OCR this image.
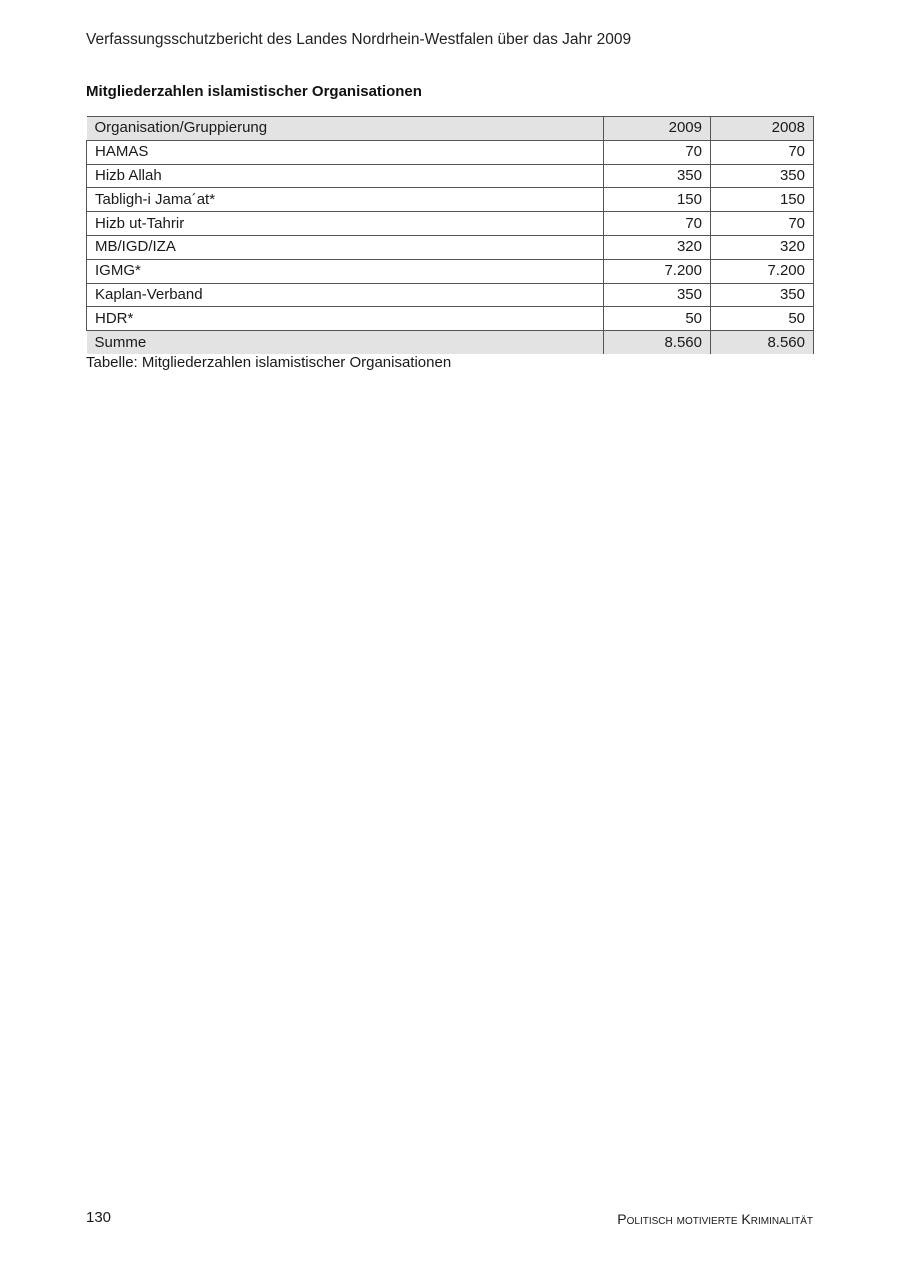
Verfassungsschutzbericht des Landes Nordrhein-Westfalen über das Jahr 2009
Mitgliederzahlen islamistischer Organisationen
Organisation/Gruppierung	2009	2008
HAMAS	70	70
Hizb Allah	350	350
Tabligh-i Jama´at*	150	150
Hizb ut-Tahrir	70	70
MB/IGD/IZA	320	320
IGMG*	7.200	7.200
Kaplan-Verband	350	350
HDR*	50	50
Summe	8.560	8.560
Tabelle: Mitgliederzahlen islamistischer Organisationen
130	Politisch motivierte Kriminalität
